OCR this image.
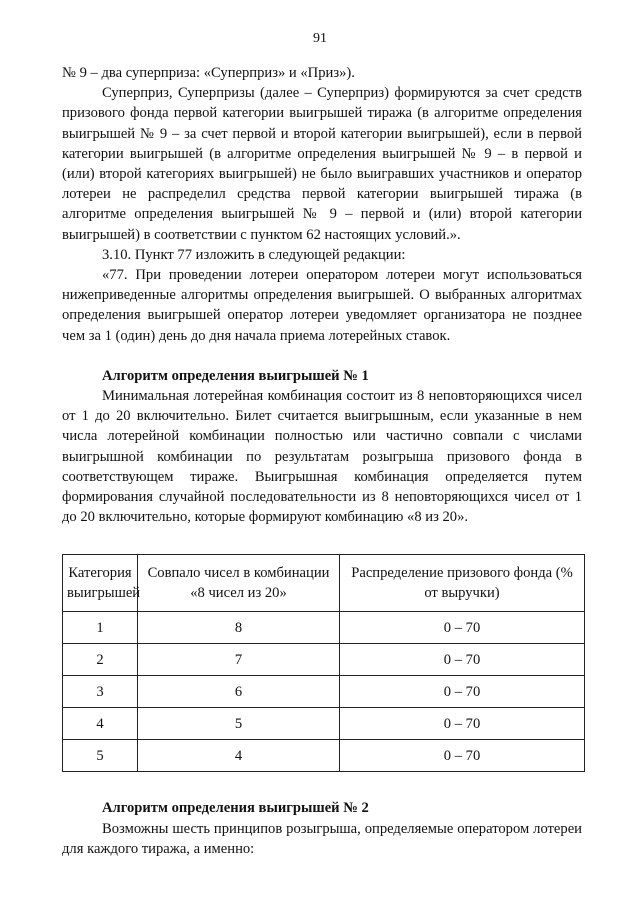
91

№ 9 – два суперприза: «Суперприз» и «Приз»).

Суперприз, Суперпризы (далее – Суперприз) формируются за счет средств призового фонда первой категории выигрышей тиража (в алгоритме определения выигрышей № 9 – за счет первой и второй категории выигрышей), если в первой категории выигрышей (в алгоритме определения выигрышей № 9 – в первой и (или) второй категориях выигрышей) не было выигравших участников и оператор лотереи не распределил средства первой категории выигрышей тиража (в алгоритме определения выигрышей № 9 – первой и (или) второй категории выигрышей) в соответствии с пунктом 62 настоящих условий.».

3.10. Пункт 77 изложить в следующей редакции:

«77. При проведении лотереи оператором лотереи могут использоваться нижеприведенные алгоритмы определения выигрышей. О выбранных алгоритмах определения выигрышей оператор лотереи уведомляет организатора не позднее чем за 1 (один) день до дня начала приема лотерейных ставок.

Алгоритм определения выигрышей № 1

Минимальная лотерейная комбинация состоит из 8 неповторяющихся чисел от 1 до 20 включительно. Билет считается выигрышным, если указанные в нем числа лотерейной комбинации полностью или частично совпали с числами выигрышной комбинации по результатам розыгрыша призового фонда в соответствующем тираже. Выигрышная комбинация определяется путем формирования случайной последовательности из 8 неповторяющихся чисел от 1 до 20 включительно, которые формируют комбинацию «8 из 20».

Категория выигрышей	Совпало чисел в комбинации «8 чисел из 20»	Распределение призового фонда (% от выручки)
1	8	0 – 70
2	7	0 – 70
3	6	0 – 70
4	5	0 – 70
5	4	0 – 70

Алгоритм определения выигрышей № 2

Возможны шесть принципов розыгрыша, определяемые оператором лотереи для каждого тиража, а именно:
